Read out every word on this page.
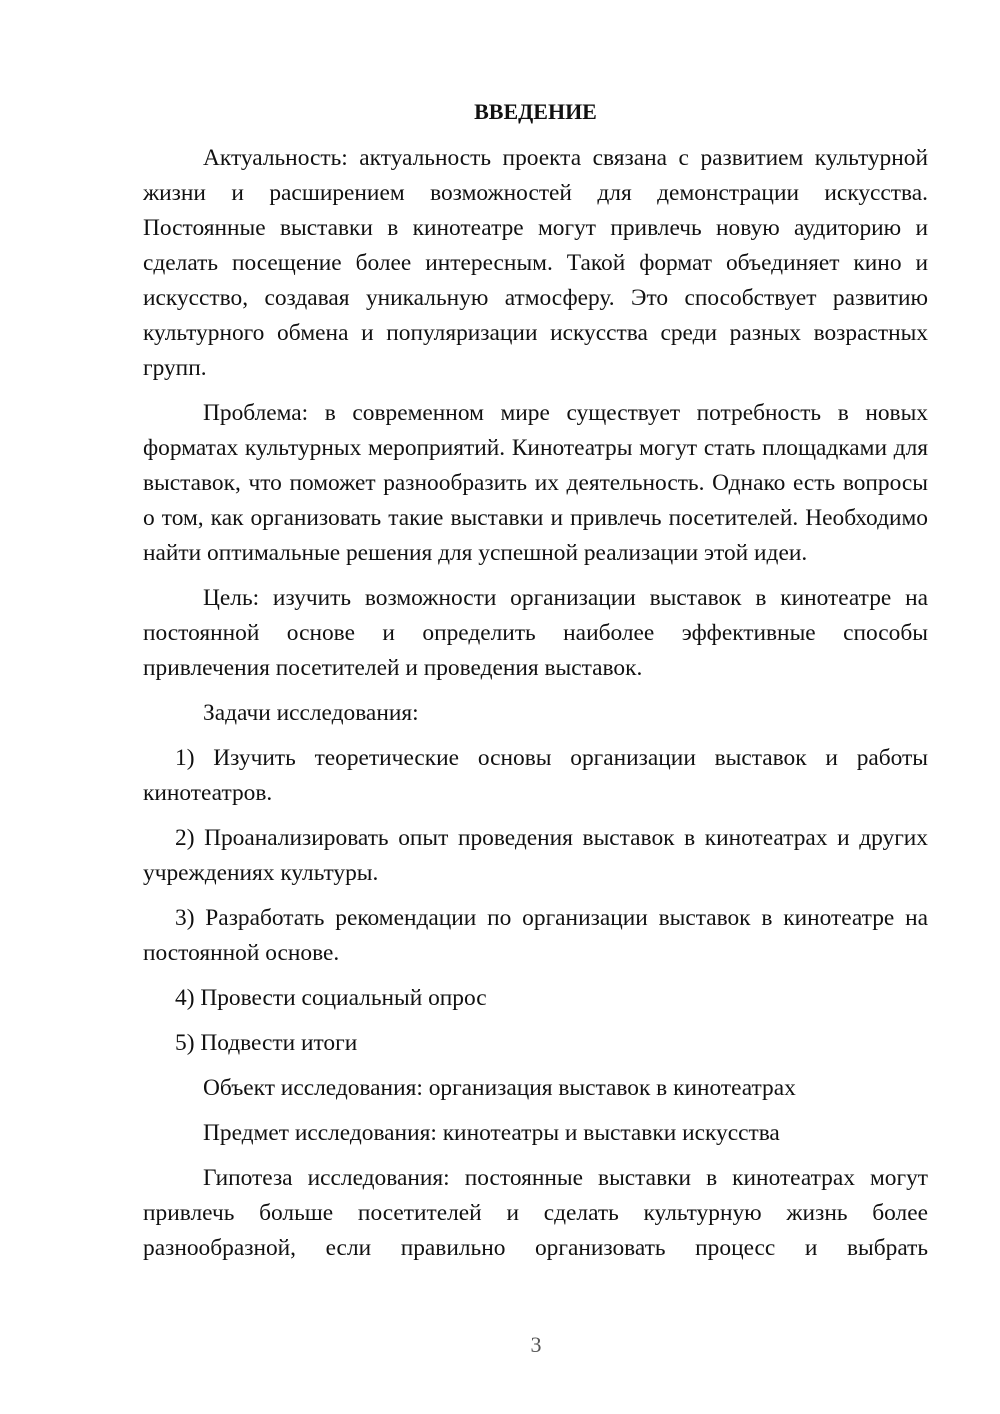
ВВЕДЕНИЕ

Актуальность: актуальность проекта связана с развитием культурной жизни и расширением возможностей для демонстрации искусства. Постоянные выставки в кинотеатре могут привлечь новую аудиторию и сделать посещение более интересным. Такой формат объединяет кино и искусство, создавая уникальную атмосферу. Это способствует развитию культурного обмена и популяризации искусства среди разных возрастных групп.

Проблема: в современном мире существует потребность в новых форматах культурных мероприятий. Кинотеатры могут стать площадками для выставок, что поможет разнообразить их деятельность. Однако есть вопросы о том, как организовать такие выставки и привлечь посетителей. Необходимо найти оптимальные решения для успешной реализации этой идеи.

Цель: изучить возможности организации выставок в кинотеатре на постоянной основе и определить наиболее эффективные способы привлечения посетителей и проведения выставок.

Задачи исследования:

1) Изучить теоретические основы организации выставок и работы кинотеатров.

2) Проанализировать опыт проведения выставок в кинотеатрах и других учреждениях культуры.

3) Разработать рекомендации по организации выставок в кинотеатре на постоянной основе.

4) Провести социальный опрос

5) Подвести итоги

Объект исследования: организация выставок в кинотеатрах

Предмет исследования: кинотеатры и выставки искусства

Гипотеза исследования: постоянные выставки в кинотеатрах могут привлечь больше посетителей и сделать культурную жизнь более разнообразной, если правильно организовать процесс и выбрать

3
